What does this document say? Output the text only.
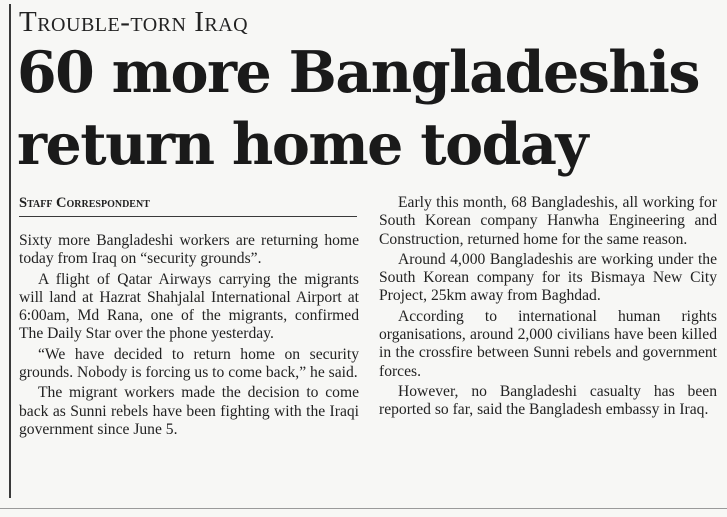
Trouble-torn Iraq
60 more Bangladeshis
return home today
Staff Correspondent

Sixty more Bangladeshi workers are returning home today from Iraq on “security grounds”.

A flight of Qatar Airways carrying the migrants will land at Hazrat Shahjalal International Airport at 6:00am, Md Rana, one of the migrants, confirmed The Daily Star over the phone yesterday.

“We have decided to return home on security grounds. Nobody is forcing us to come back,” he said.

The migrant workers made the decision to come back as Sunni rebels have been fighting with the Iraqi government since June 5.

Early this month, 68 Bangladeshis, all working for South Korean company Hanwha Engineering and Construction, returned home for the same reason.

Around 4,000 Bangladeshis are working under the South Korean company for its Bismaya New City Project, 25km away from Baghdad.

According to international human rights organisations, around 2,000 civilians have been killed in the crossfire between Sunni rebels and government forces.

However, no Bangladeshi casualty has been reported so far, said the Bangladesh embassy in Iraq.
